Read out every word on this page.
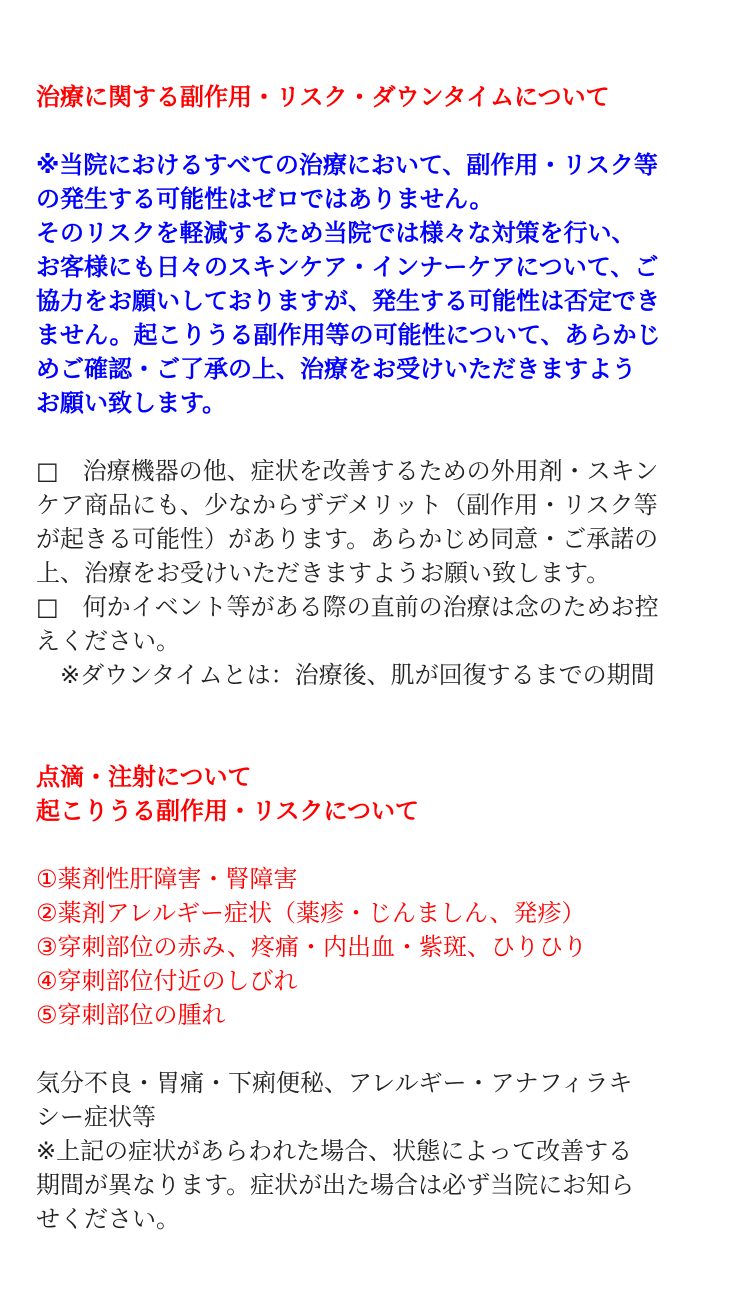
治療に関する副作用・リスク・ダウンタイムについて
※当院におけるすべての治療において、副作用・リスク等
の発生する可能性はゼロではありません。
そのリスクを軽減するため当院では様々な対策を行い、
お客様にも日々のスキンケア・インナーケアについて、ご
協力をお願いしておりますが、発生する可能性は否定でき
ません。起こりうる副作用等の可能性について、あらかじ
めご確認・ご了承の上、治療をお受けいただきますよう
お願い致します。
□　治療機器の他、症状を改善するための外用剤・スキン
ケア商品にも、少なからずデメリット（副作用・リスク等
が起きる可能性）があります。あらかじめ同意・ご承諾の
上、治療をお受けいただきますようお願い致します。
□　何かイベント等がある際の直前の治療は念のためお控
えください。
　※ダウンタイムとは：治療後、肌が回復するまでの期間
点滴・注射について
起こりうる副作用・リスクについて
①薬剤性肝障害・腎障害
②薬剤アレルギー症状（薬疹・じんましん、発疹）
③穿刺部位の赤み、疼痛・内出血・紫斑、ひりひり
④穿刺部位付近のしびれ
⑤穿刺部位の腫れ
気分不良・胃痛・下痢便秘、アレルギー・アナフィラキ
シー症状等
※上記の症状があらわれた場合、状態によって改善する
期間が異なります。症状が出た場合は必ず当院にお知ら
せください。
